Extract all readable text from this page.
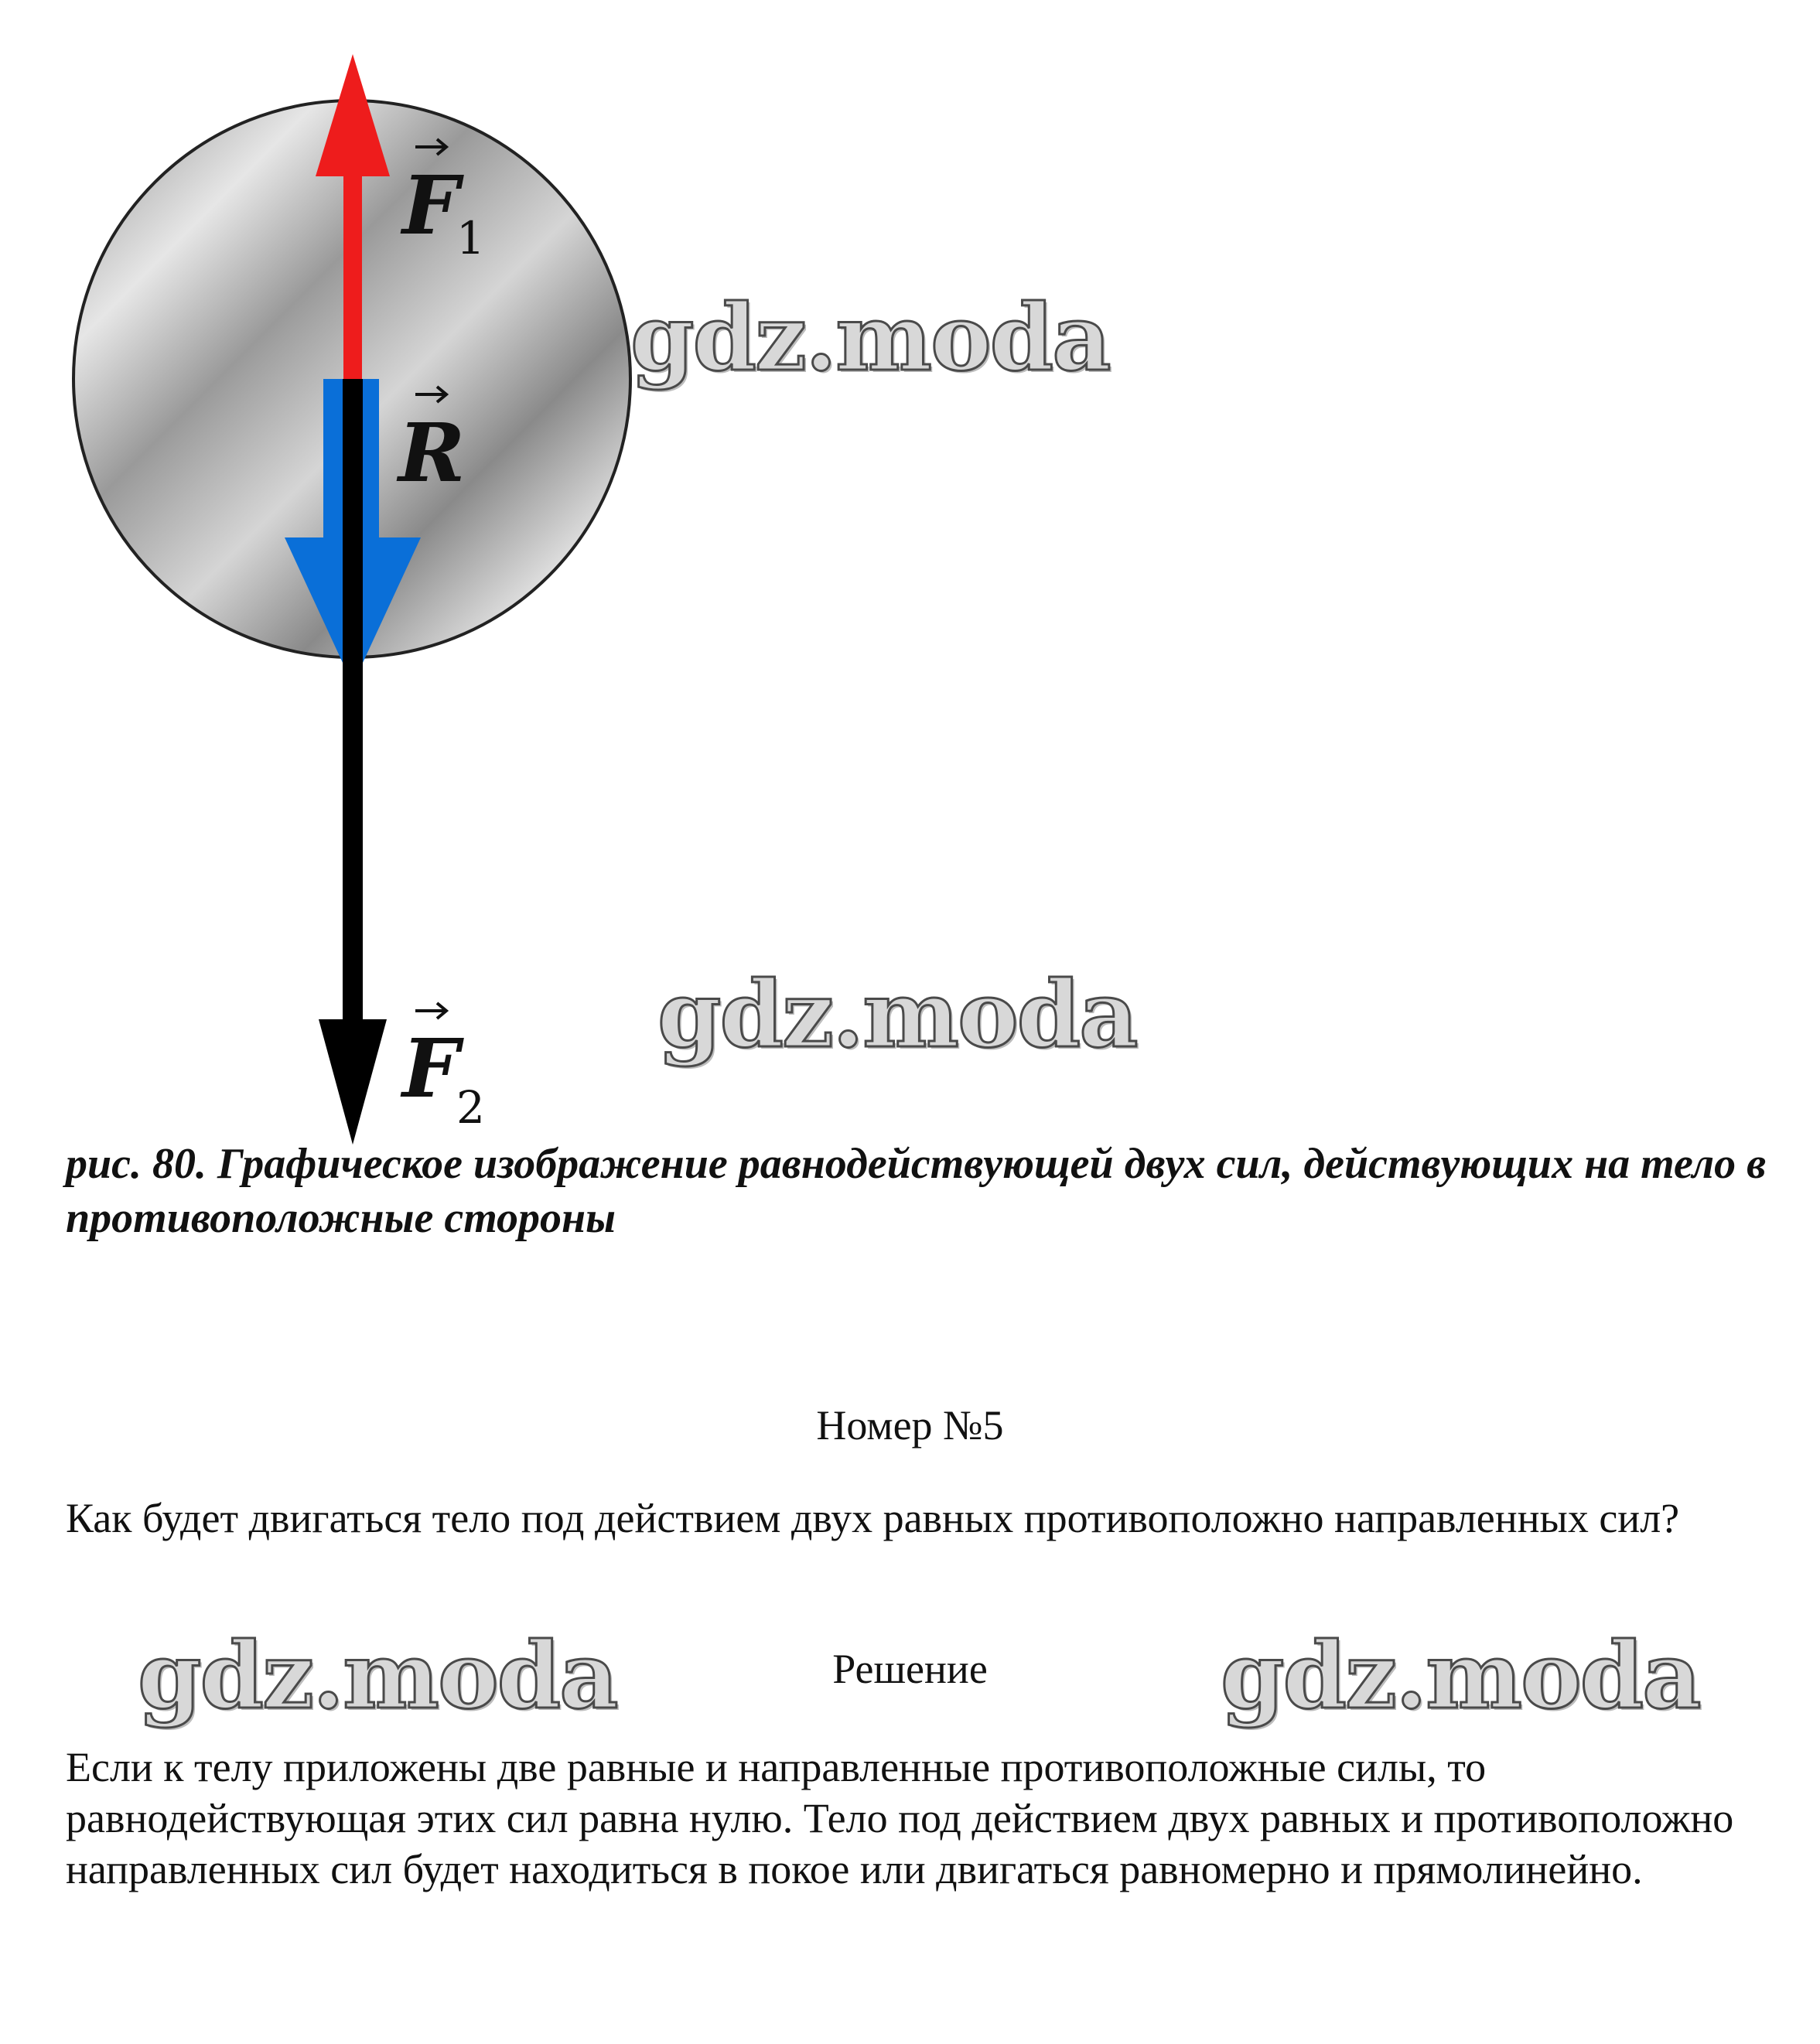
F
1
R
F
2
gdz.moda
gdz.moda
gdz.moda	gdz.moda
рис. 80. Графическое изображение равнодействующей двух сил, действующих на тело в противоположные стороны
Номер №5
Как будет двигаться тело под действием двух равных противоположно направленных сил?
Решение
Если к телу приложены две равные и направленные противоположные силы, то равнодействующая этих сил равна нулю. Тело под действием двух равных и противоположно направленных сил будет находиться в покое или двигаться равномерно и прямолинейно.
